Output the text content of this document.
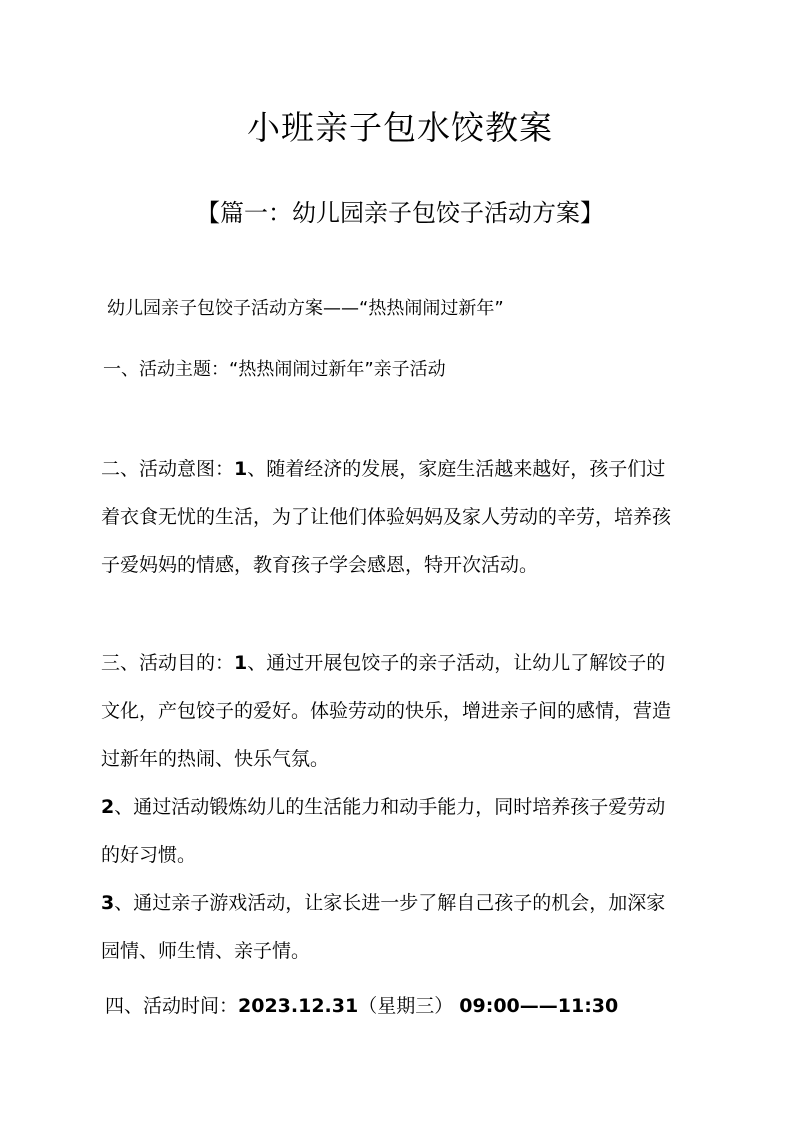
小班亲子包水饺教案
【篇一：幼儿园亲子包饺子活动方案】
幼儿园亲子包饺子活动方案——“热热闹闹过新年”
一、活动主题：“热热闹闹过新年”亲子活动
二、活动意图：1、随着经济的发展，家庭生活越来越好，孩子们过
着衣食无忧的生活，为了让他们体验妈妈及家人劳动的辛劳，培养孩
子爱妈妈的情感，教育孩子学会感恩，特开次活动。
三、活动目的：1、通过开展包饺子的亲子活动，让幼儿了解饺子的
文化，产包饺子的爱好。体验劳动的快乐，增进亲子间的感情，营造
过新年的热闹、快乐气氛。
2、通过活动锻炼幼儿的生活能力和动手能力，同时培养孩子爱劳动
的好习惯。
3、通过亲子游戏活动，让家长进一步了解自己孩子的机会，加深家
园情、师生情、亲子情。
四、活动时间：2023.12.31（星期三） 09:00——11:30
